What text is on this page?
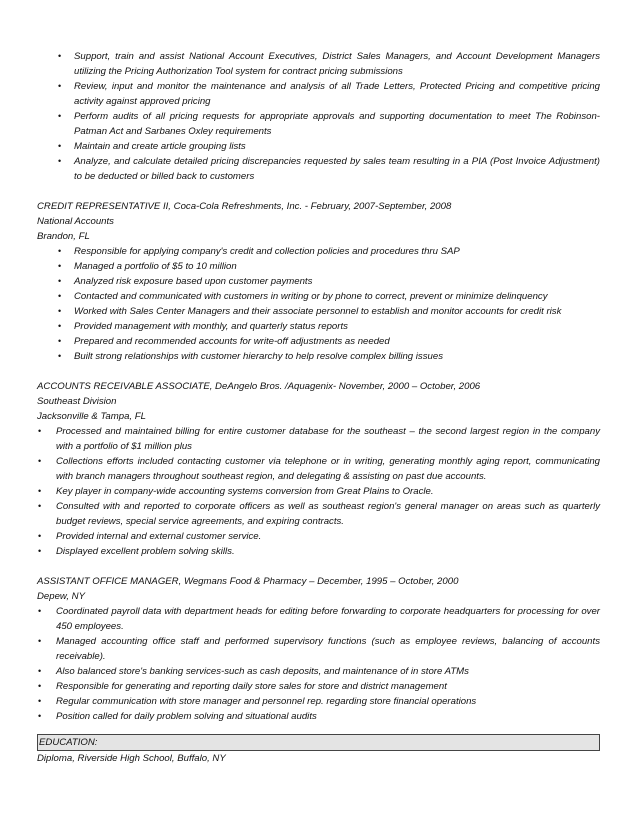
• Support, train and assist National Account Executives, District Sales Managers, and Account Development Managers utilizing the Pricing Authorization Tool system for contract pricing submissions
• Review, input and monitor the maintenance and analysis of all Trade Letters, Protected Pricing and competitive pricing activity against approved pricing
• Perform audits of all pricing requests for appropriate approvals and supporting documentation to meet The Robinson- Patman Act and Sarbanes Oxley requirements
• Maintain and create article grouping lists
• Analyze, and calculate detailed pricing discrepancies requested by sales team resulting in a PIA (Post Invoice Adjustment) to be deducted or billed back to customers
CREDIT REPRESENTATIVE II, Coca-Cola Refreshments, Inc. - February, 2007-September, 2008
National Accounts
Brandon, FL
• Responsible for applying company's credit and collection policies and procedures thru SAP
• Managed a portfolio of $5 to 10 million
• Analyzed risk exposure based upon customer payments
• Contacted and communicated with customers in writing or by phone to correct, prevent or minimize delinquency
• Worked with Sales Center Managers and their associate personnel to establish and monitor accounts for credit risk
• Provided management with monthly, and quarterly status reports
• Prepared and recommended accounts for write-off adjustments as needed
• Built strong relationships with customer hierarchy to help resolve complex billing issues
ACCOUNTS RECEIVABLE ASSOCIATE, DeAngelo Bros. /Aquagenix- November, 2000 – October, 2006
Southeast Division
Jacksonville & Tampa, FL
• Processed and maintained billing for entire customer database for the southeast – the second largest region in the company with a portfolio of $1 million plus
• Collections efforts included contacting customer via telephone or in writing, generating monthly aging report, communicating with branch managers throughout southeast region, and delegating & assisting on past due accounts.
• Key player in company-wide accounting systems conversion from Great Plains to Oracle.
• Consulted with and reported to corporate officers as well as southeast region's general manager on areas such as quarterly budget reviews, special service agreements, and expiring contracts.
• Provided internal and external customer service.
• Displayed excellent problem solving skills.
ASSISTANT OFFICE MANAGER, Wegmans Food & Pharmacy – December, 1995 – October, 2000
Depew, NY
• Coordinated payroll data with department heads for editing before forwarding to corporate headquarters for processing for over 450 employees.
• Managed accounting office staff and performed supervisory functions (such as employee reviews, balancing of accounts receivable).
• Also balanced store's banking services-such as cash deposits, and maintenance of in store ATMs
• Responsible for generating and reporting daily store sales for store and district management
• Regular communication with store manager and personnel rep. regarding store financial operations
• Position called for daily problem solving and situational audits
EDUCATION:
Diploma, Riverside High School, Buffalo, NY
